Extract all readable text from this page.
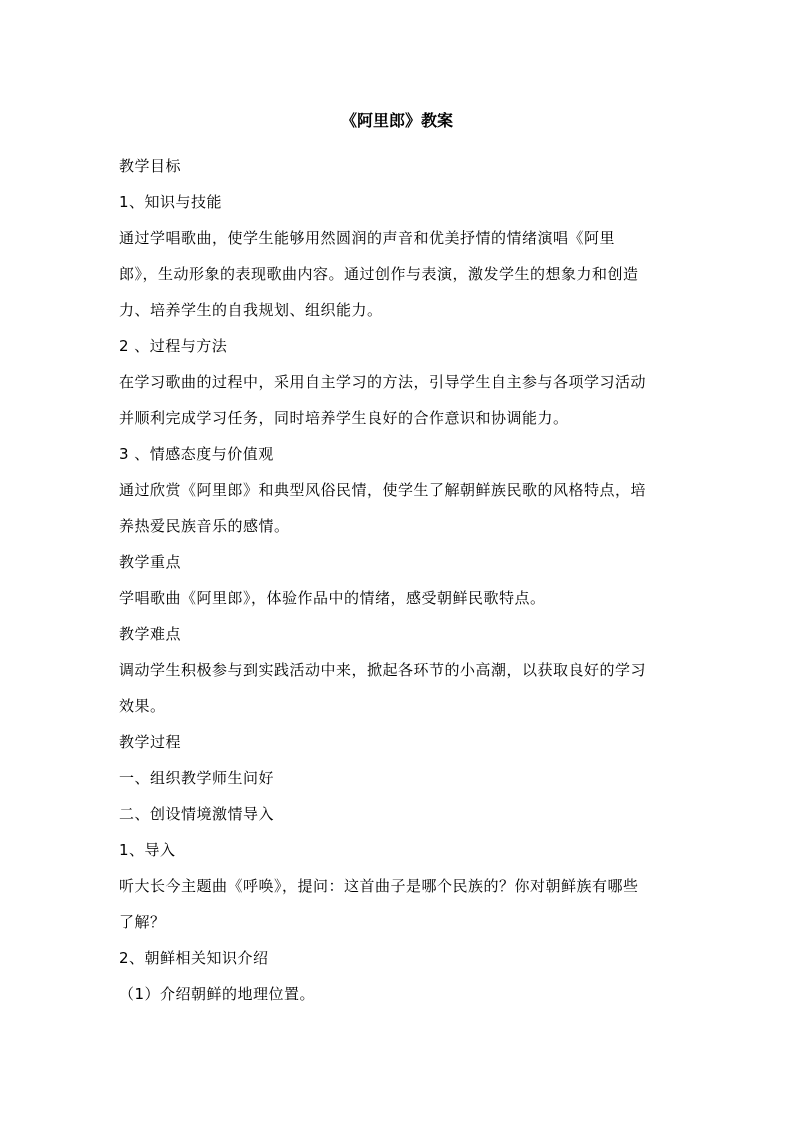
《阿里郎》教案
教学目标
1、知识与技能
通过学唱歌曲，使学生能够用然圆润的声音和优美抒情的情绪演唱《阿里
郎》，生动形象的表现歌曲内容。通过创作与表演，激发学生的想象力和创造
力、培养学生的自我规划、组织能力。
2 、过程与方法
在学习歌曲的过程中，采用自主学习的方法，引导学生自主参与各项学习活动
并顺利完成学习任务，同时培养学生良好的合作意识和协调能力。
3 、情感态度与价值观
通过欣赏《阿里郎》和典型风俗民情，使学生了解朝鲜族民歌的风格特点，培
养热爱民族音乐的感情。
教学重点
学唱歌曲《阿里郎》，体验作品中的情绪，感受朝鲜民歌特点。
教学难点
调动学生积极参与到实践活动中来，掀起各环节的小高潮，以获取良好的学习
效果。
教学过程
一、组织教学师生问好
二、创设情境激情导入
1、导入
听大长今主题曲《呼唤》，提问：这首曲子是哪个民族的？你对朝鲜族有哪些
了解？
2、朝鲜相关知识介绍
（1）介绍朝鲜的地理位置。
